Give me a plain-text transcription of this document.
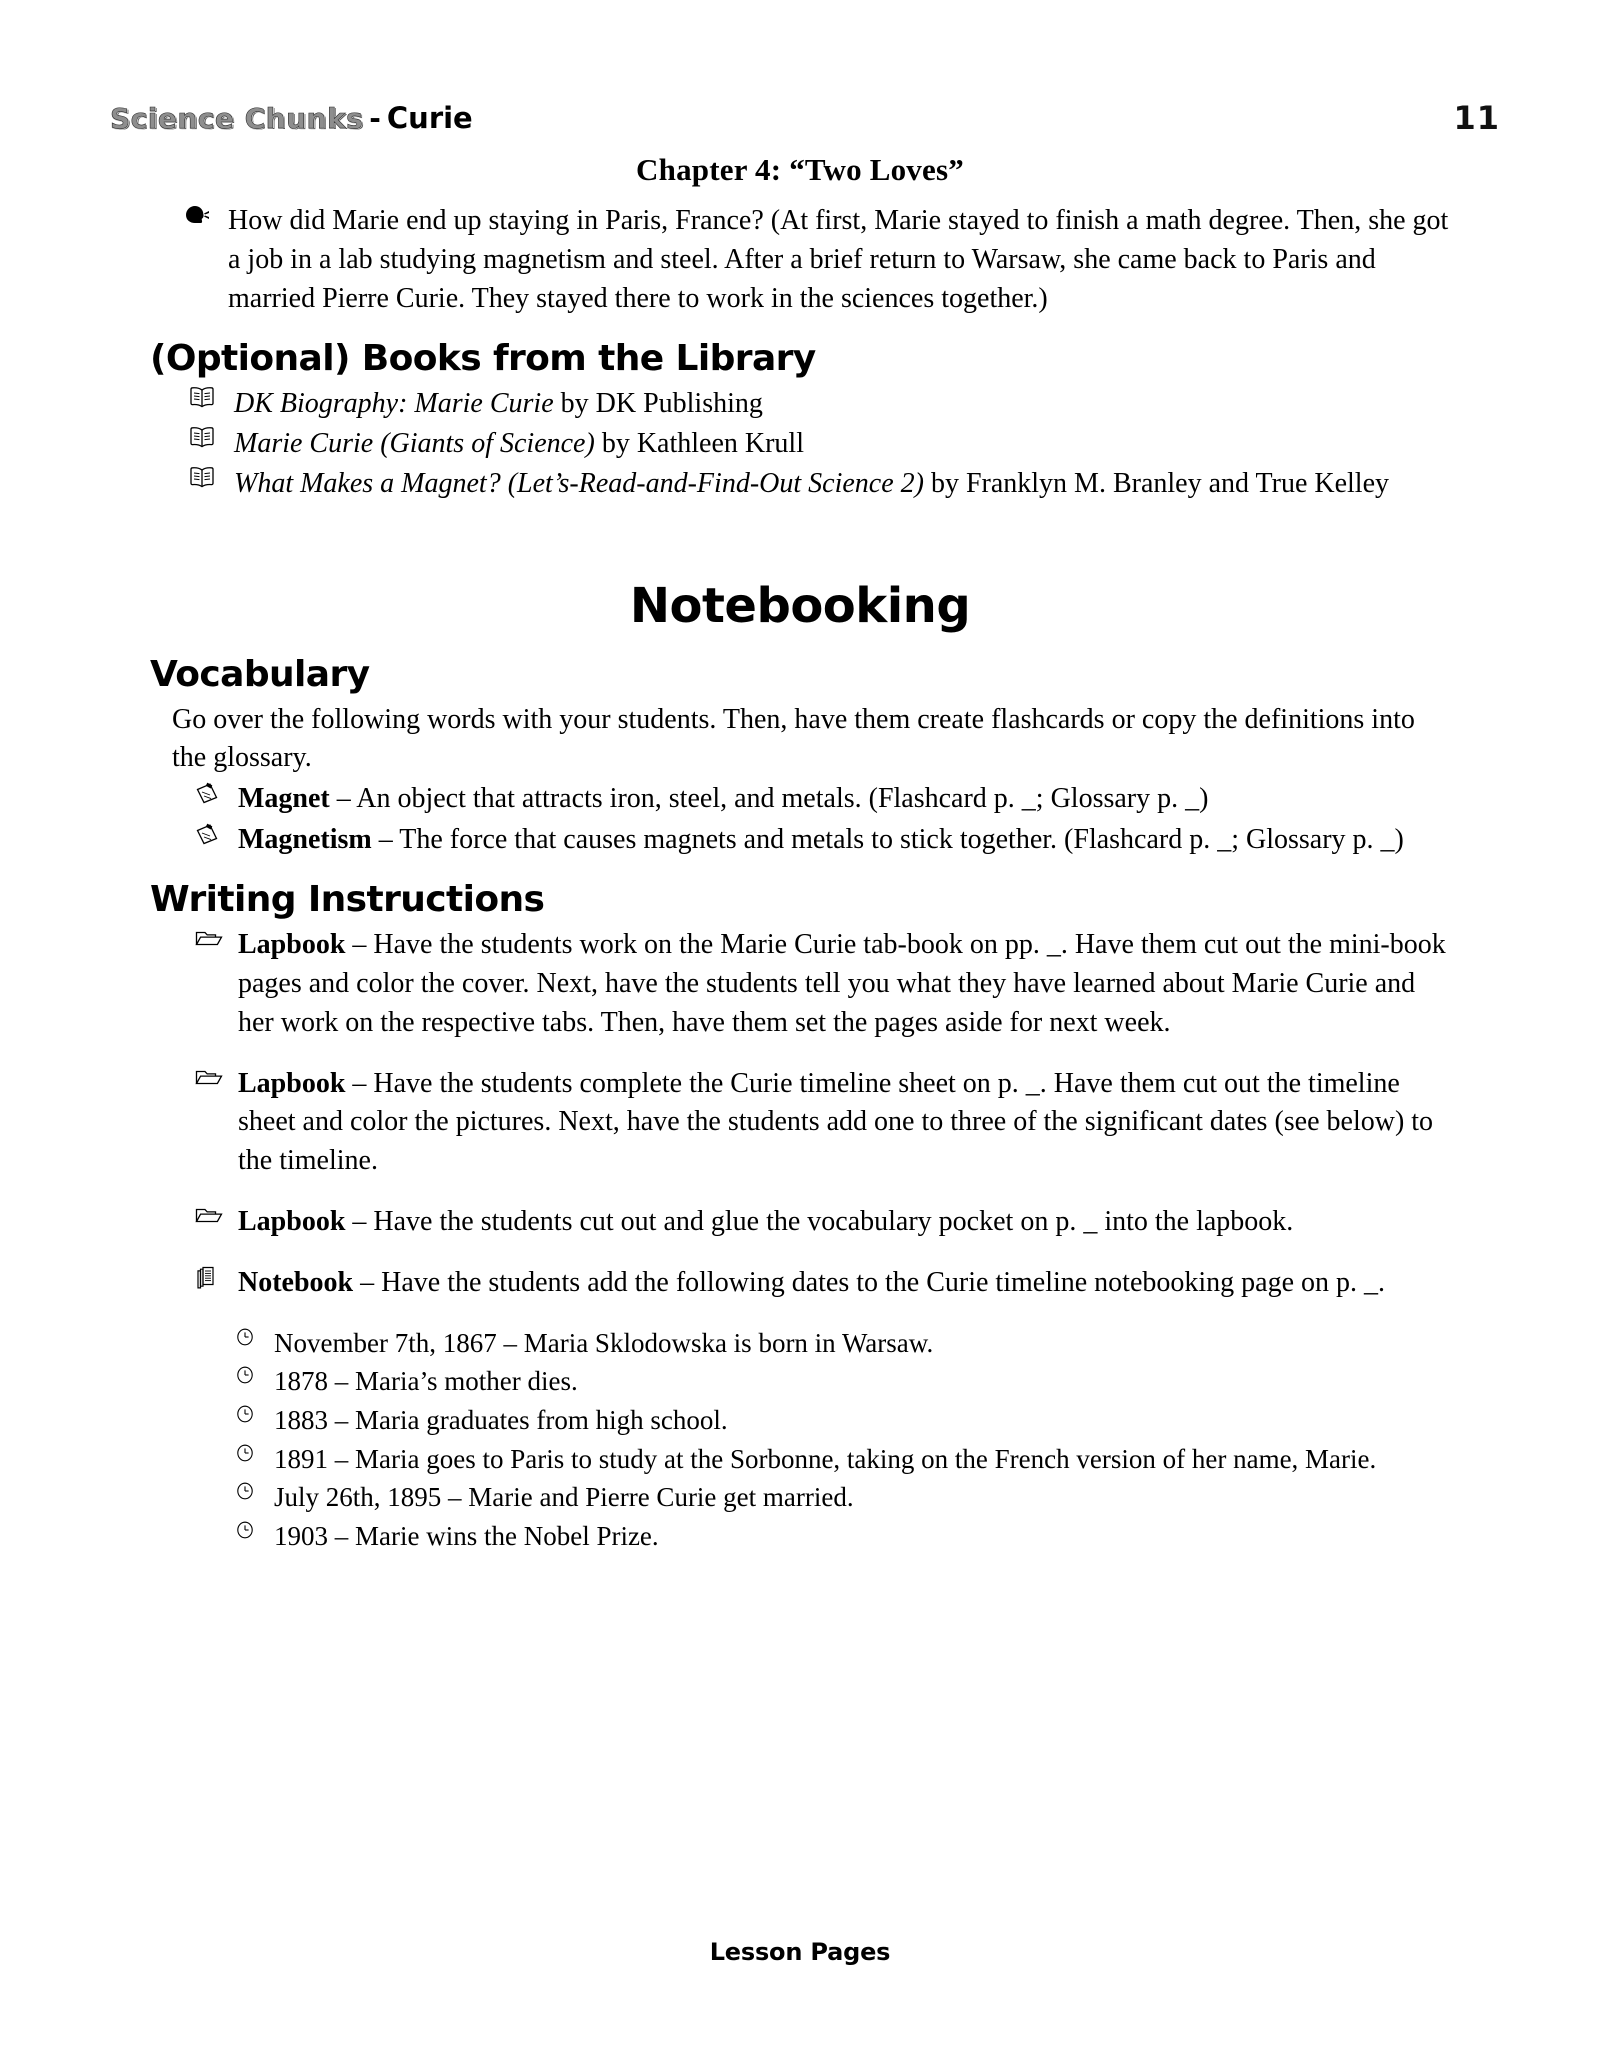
Science Chunks - Curie	11
Chapter 4: “Two Loves”
How did Marie end up staying in Paris, France? (At first, Marie stayed to finish a math degree. Then, she got a job in a lab studying magnetism and steel. After a brief return to Warsaw, she came back to Paris and married Pierre Curie. They stayed there to work in the sciences together.)
(Optional) Books from the Library
DK Biography: Marie Curie by DK Publishing
Marie Curie (Giants of Science) by Kathleen Krull
What Makes a Magnet? (Let’s-Read-and-Find-Out Science 2) by Franklyn M. Branley and True Kelley
Notebooking
Vocabulary
Go over the following words with your students. Then, have them create flashcards or copy the definitions into the glossary.
Magnet – An object that attracts iron, steel, and metals. (Flashcard p. _; Glossary p. _)
Magnetism – The force that causes magnets and metals to stick together. (Flashcard p. _; Glossary p. _)
Writing Instructions
Lapbook – Have the students work on the Marie Curie tab-book on pp. _. Have them cut out the mini-book pages and color the cover. Next, have the students tell you what they have learned about Marie Curie and her work on the respective tabs. Then, have them set the pages aside for next week.
Lapbook – Have the students complete the Curie timeline sheet on p. _. Have them cut out the timeline sheet and color the pictures. Next, have the students add one to three of the significant dates (see below) to the timeline.
Lapbook – Have the students cut out and glue the vocabulary pocket on p. _ into the lapbook.
Notebook – Have the students add the following dates to the Curie timeline notebooking page on p. _.
November 7th, 1867 – Maria Sklodowska is born in Warsaw.
1878 – Maria’s mother dies.
1883 – Maria graduates from high school.
1891 – Maria goes to Paris to study at the Sorbonne, taking on the French version of her name, Marie.
July 26th, 1895 – Marie and Pierre Curie get married.
1903 – Marie wins the Nobel Prize.
Lesson Pages
